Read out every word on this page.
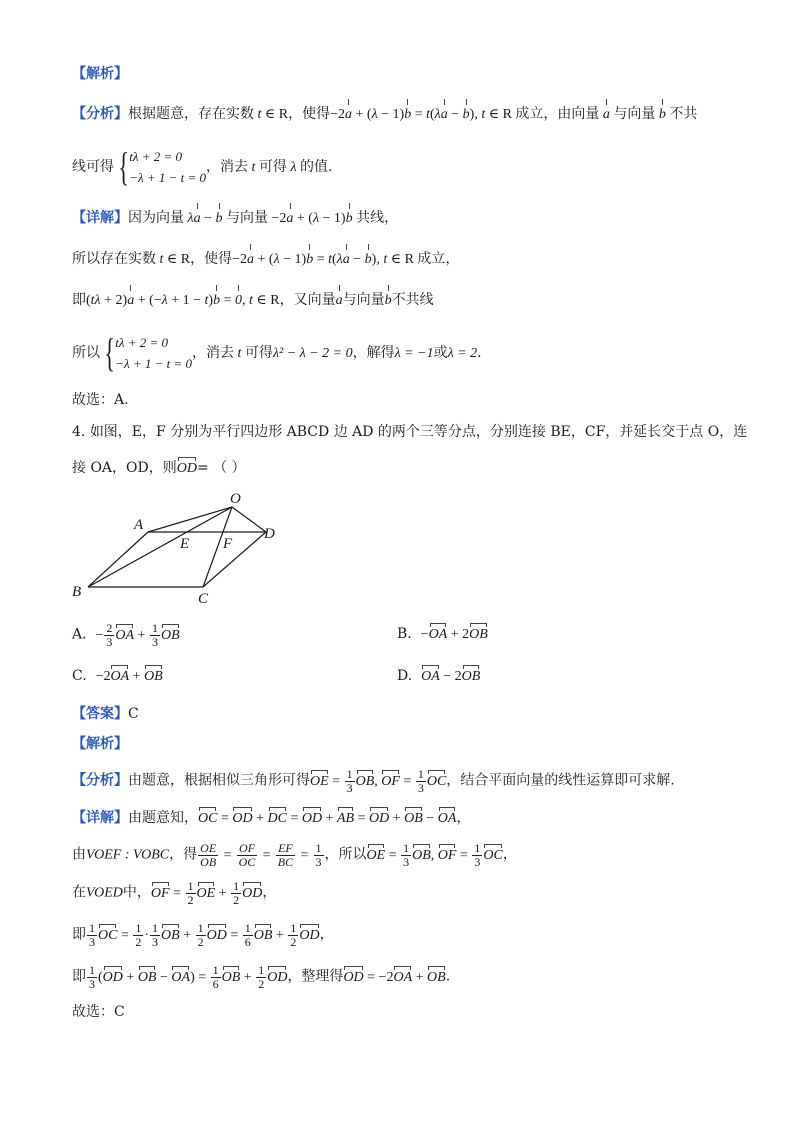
【解析】
【分析】根据题意，存在实数 t ∈ R，使得−2a + (λ − 1)b = t(λa − b), t ∈ R 成立，由向量 a 与向量 b 不共
线可得 { tλ + 2 = 0
−λ + 1 − t = 0
，消去 t 可得 λ 的值.
【详解】因为向量 λa − b 与向量 −2a + (λ − 1)b 共线，
所以存在实数 t ∈ R，使得−2a + (λ − 1)b = t(λa − b), t ∈ R 成立，
即(tλ + 2)a + (−λ + 1 − t)b = 0, t ∈ R，又向量a与向量b不共线
所以 { tλ + 2 = 0
−λ + 1 − t = 0
，消去 t 可得λ² − λ − 2 = 0，解得λ = −1或λ = 2.
故选：A.
4. 如图，E，F 分别为平行四边形 ABCD 边 AD 的两个三等分点，分别连接 BE，CF，并延长交于点 O，连
接 OA，OD，则OD= （ ）
O
A
E F
D
B	C
A. − $\frac{2}{3}$ OA + $\frac{1}{3}$ OB	B. −OA + 2OB
C. −2OA + OB	D. OA − 2OB
【答案】C
【解析】
【分析】由题意，根据相似三角形可得OE = $\frac{1}{3}$ OB, OF = $\frac{1}{3}$ OC，结合平面向量的线性运算即可求解.
【详解】由题意知，OC = OD + DC = OD + AB = OD + OB − OA，
由VOEF : VOBC，得 $\frac{OE}{OB} = \frac{OF}{OC} = \frac{EF}{BC} = \frac{1}{3}$ ，所以OE = $\frac{1}{3}$ OB, OF = $\frac{1}{3}$ OC，
在VOED中，OF = $\frac{1}{2}$ OE + $\frac{1}{2}$ OD，
即 $\frac{1}{3}$ OC = $\frac{1}{2} \cdot \frac{1}{3}$ OB + $\frac{1}{2}$ OD = $\frac{1}{6}$ OB + $\frac{1}{2}$ OD，
即 $\frac{1}{3} (OD$ + OB − $OA) = \frac{1}{6}$ OB + $\frac{1}{2}$ OD，整理得OD = −2OA + OB.
故选：C
